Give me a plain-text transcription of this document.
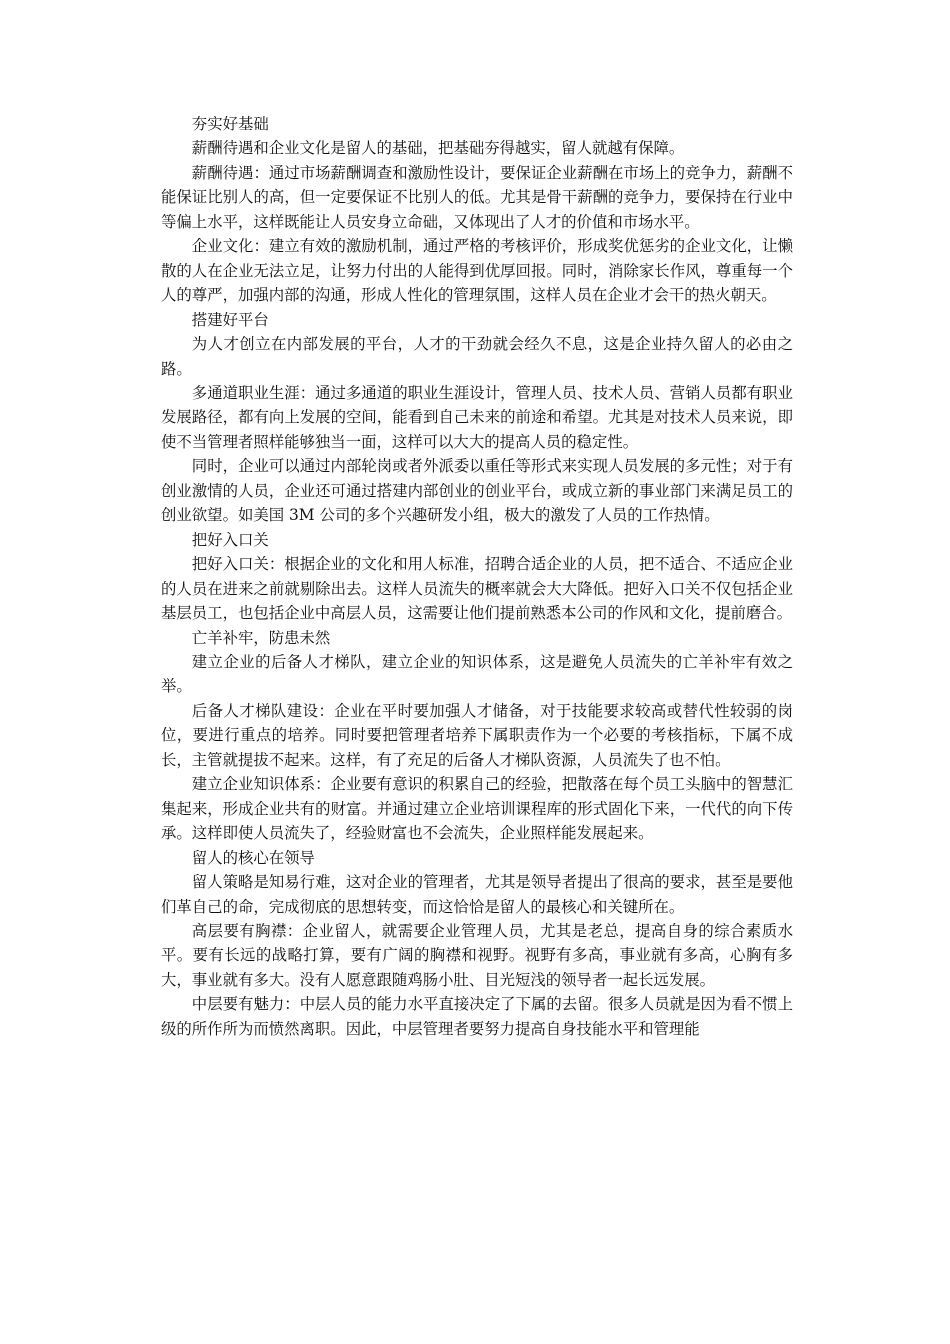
夯实好基础

薪酬待遇和企业文化是留人的基础，把基础夯得越实，留人就越有保障。

薪酬待遇：通过市场薪酬调查和激励性设计，要保证企业薪酬在市场上的竞争力，薪酬不能保证比别人的高，但一定要保证不比别人的低。尤其是骨干薪酬的竞争力，要保持在行业中等偏上水平，这样既能让人员安身立命础，又体现出了人才的价值和市场水平。

企业文化：建立有效的激励机制，通过严格的考核评价，形成奖优惩劣的企业文化，让懒散的人在企业无法立足，让努力付出的人能得到优厚回报。同时，消除家长作风，尊重每一个人的尊严，加强内部的沟通，形成人性化的管理氛围，这样人员在企业才会干的热火朝天。

搭建好平台

为人才创立在内部发展的平台，人才的干劲就会经久不息，这是企业持久留人的必由之路。

多通道职业生涯：通过多通道的职业生涯设计，管理人员、技术人员、营销人员都有职业发展路径，都有向上发展的空间，能看到自己未来的前途和希望。尤其是对技术人员来说，即使不当管理者照样能够独当一面，这样可以大大的提高人员的稳定性。

同时，企业可以通过内部轮岗或者外派委以重任等形式来实现人员发展的多元性；对于有创业激情的人员，企业还可通过搭建内部创业的创业平台，或成立新的事业部门来满足员工的创业欲望。如美国 3M 公司的多个兴趣研发小组，极大的激发了人员的工作热情。

把好入口关

把好入口关：根据企业的文化和用人标准，招聘合适企业的人员，把不适合、不适应企业的人员在进来之前就剔除出去。这样人员流失的概率就会大大降低。把好入口关不仅包括企业基层员工，也包括企业中高层人员，这需要让他们提前熟悉本公司的作风和文化，提前磨合。

亡羊补牢，防患未然

建立企业的后备人才梯队，建立企业的知识体系，这是避免人员流失的亡羊补牢有效之举。

后备人才梯队建设：企业在平时要加强人才储备，对于技能要求较高或替代性较弱的岗位，要进行重点的培养。同时要把管理者培养下属职责作为一个必要的考核指标，下属不成长，主管就提拔不起来。这样，有了充足的后备人才梯队资源，人员流失了也不怕。

建立企业知识体系：企业要有意识的积累自己的经验，把散落在每个员工头脑中的智慧汇集起来，形成企业共有的财富。并通过建立企业培训课程库的形式固化下来，一代代的向下传承。这样即使人员流失了，经验财富也不会流失，企业照样能发展起来。

留人的核心在领导

留人策略是知易行难，这对企业的管理者，尤其是领导者提出了很高的要求，甚至是要他们革自己的命，完成彻底的思想转变，而这恰恰是留人的最核心和关键所在。

高层要有胸襟：企业留人，就需要企业管理人员，尤其是老总，提高自身的综合素质水平。要有长远的战略打算，要有广阔的胸襟和视野。视野有多高，事业就有多高，心胸有多大，事业就有多大。没有人愿意跟随鸡肠小肚、目光短浅的领导者一起长远发展。

中层要有魅力：中层人员的能力水平直接决定了下属的去留。很多人员就是因为看不惯上级的所作所为而愤然离职。因此，中层管理者要努力提高自身技能水平和管理能
